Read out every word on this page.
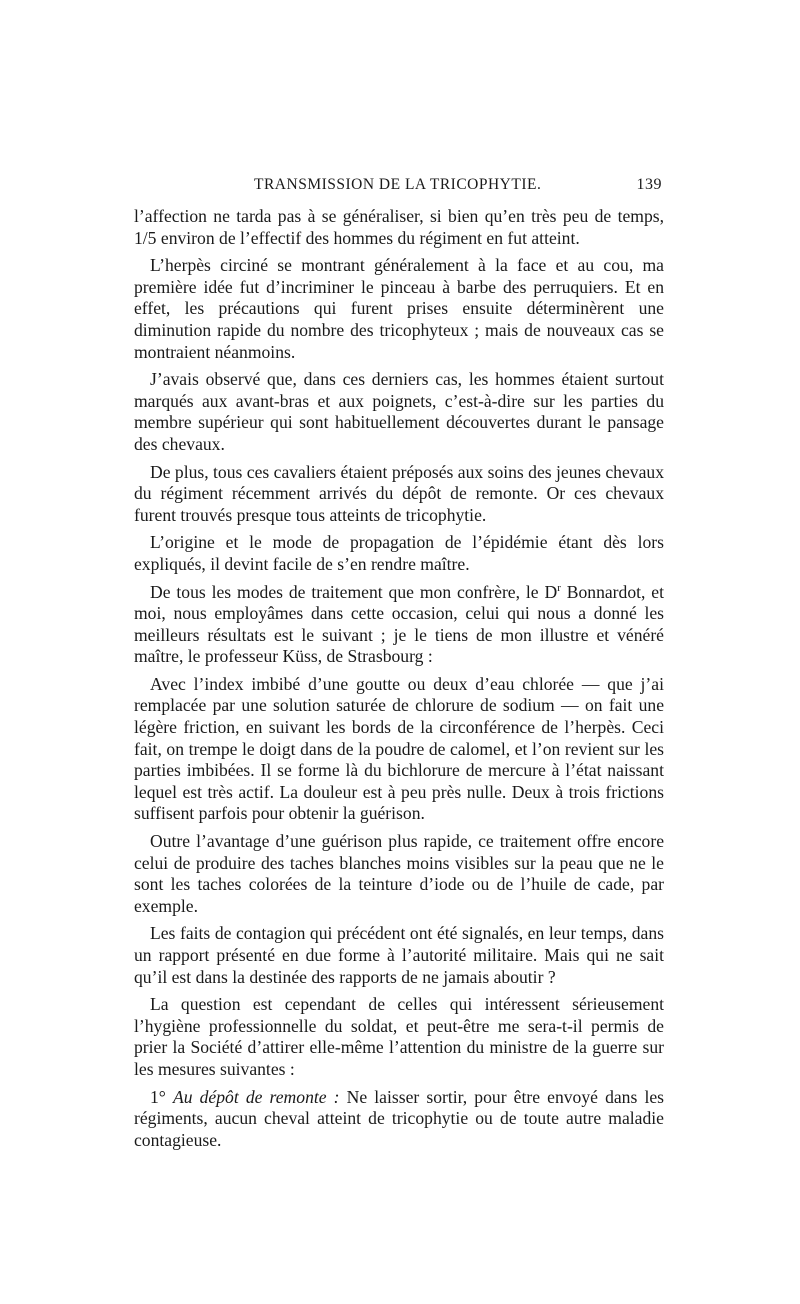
TRANSMISSION DE LA TRICOPHYTIE.	139

l’affection ne tarda pas à se généraliser, si bien qu’en très peu de temps, 1/5 environ de l’effectif des hommes du régiment en fut atteint.

L’herpès circiné se montrant généralement à la face et au cou, ma première idée fut d’incriminer le pinceau à barbe des perruquiers. Et en effet, les précautions qui furent prises ensuite déterminèrent une diminution rapide du nombre des tricophyteux ; mais de nouveaux cas se montraient néanmoins.

J’avais observé que, dans ces derniers cas, les hommes étaient surtout marqués aux avant-bras et aux poignets, c’est-à-dire sur les parties du membre supérieur qui sont habituellement découvertes durant le pansage des chevaux.

De plus, tous ces cavaliers étaient préposés aux soins des jeunes chevaux du régiment récemment arrivés du dépôt de remonte. Or ces chevaux furent trouvés presque tous atteints de tricophytie.

L’origine et le mode de propagation de l’épidémie étant dès lors expliqués, il devint facile de s’en rendre maître.

De tous les modes de traitement que mon confrère, le $D^r$ Bonnardot, et moi, nous employâmes dans cette occasion, celui qui nous a donné les meilleurs résultats est le suivant ; je le tiens de mon illustre et vénéré maître, le professeur Küss, de Strasbourg :

Avec l’index imbibé d’une goutte ou deux d’eau chlorée — que j’ai remplacée par une solution saturée de chlorure de sodium — on fait une légère friction, en suivant les bords de la circonférence de l’herpès. Ceci fait, on trempe le doigt dans de la poudre de calomel, et l’on revient sur les parties imbibées. Il se forme là du bichlorure de mercure à l’état naissant lequel est très actif. La douleur est à peu près nulle. Deux à trois frictions suffisent parfois pour obtenir la guérison.

Outre l’avantage d’une guérison plus rapide, ce traitement offre encore celui de produire des taches blanches moins visibles sur la peau que ne le sont les taches colorées de la teinture d’iode ou de l’huile de cade, par exemple.

Les faits de contagion qui précédent ont été signalés, en leur temps, dans un rapport présenté en due forme à l’autorité militaire. Mais qui ne sait qu’il est dans la destinée des rapports de ne jamais aboutir ?

La question est cependant de celles qui intéressent sérieusement l’hygiène professionnelle du soldat, et peut-être me sera-t-il permis de prier la Société d’attirer elle-même l’attention du ministre de la guerre sur les mesures suivantes :

1° Au dépôt de remonte : Ne laisser sortir, pour être envoyé dans les régiments, aucun cheval atteint de tricophytie ou de toute autre maladie contagieuse.
